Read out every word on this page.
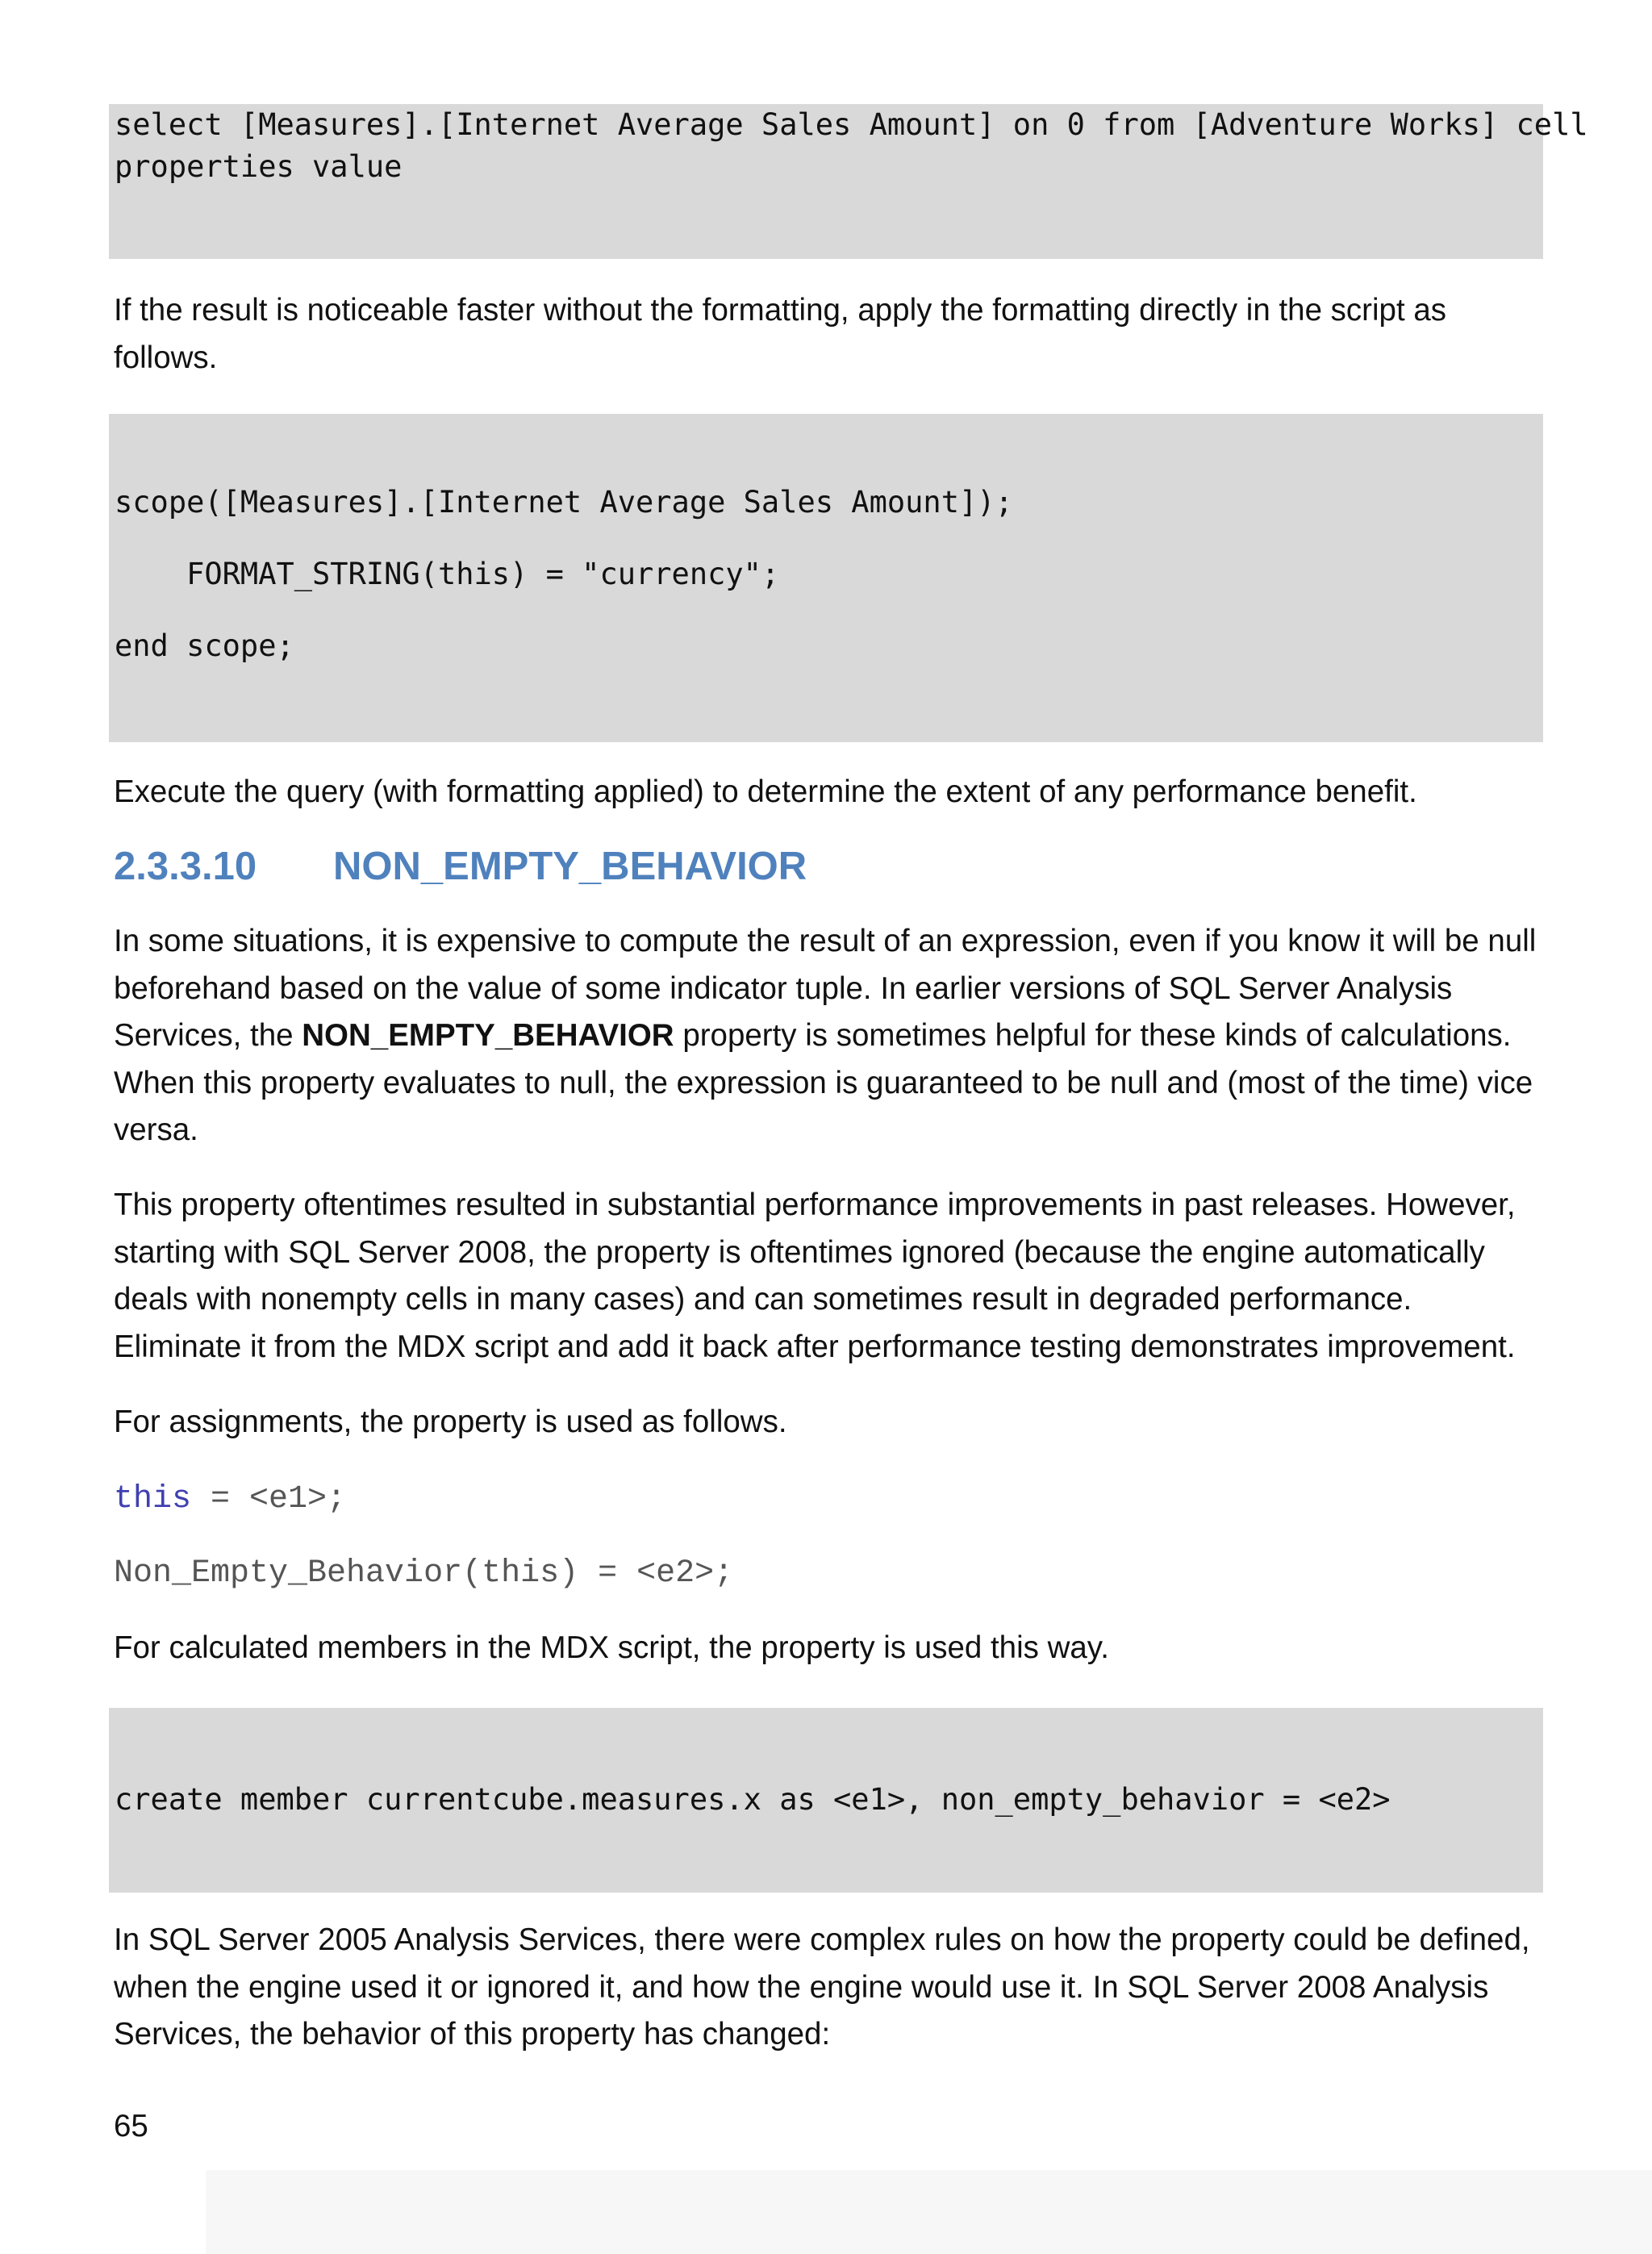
select [Measures].[Internet Average Sales Amount] on 0 from [Adventure Works] cell
properties value

If the result is noticeable faster without the formatting, apply the formatting directly in the script as follows.

scope([Measures].[Internet Average Sales Amount]);
FORMAT_STRING(this) = "currency";
end scope;

Execute the query (with formatting applied) to determine the extent of any performance benefit.

2.3.3.10 NON_EMPTY_BEHAVIOR

In some situations, it is expensive to compute the result of an expression, even if you know it will be null beforehand based on the value of some indicator tuple. In earlier versions of SQL Server Analysis Services, the NON_EMPTY_BEHAVIOR property is sometimes helpful for these kinds of calculations. When this property evaluates to null, the expression is guaranteed to be null and (most of the time) vice versa.

This property oftentimes resulted in substantial performance improvements in past releases. However, starting with SQL Server 2008, the property is oftentimes ignored (because the engine automatically deals with nonempty cells in many cases) and can sometimes result in degraded performance. Eliminate it from the MDX script and add it back after performance testing demonstrates improvement.

For assignments, the property is used as follows.

this = <e1>;
Non_Empty_Behavior(this) = <e2>;

For calculated members in the MDX script, the property is used this way.

create member currentcube.measures.x as <e1>, non_empty_behavior = <e2>

In SQL Server 2005 Analysis Services, there were complex rules on how the property could be defined, when the engine used it or ignored it, and how the engine would use it. In SQL Server 2008 Analysis Services, the behavior of this property has changed:

65
